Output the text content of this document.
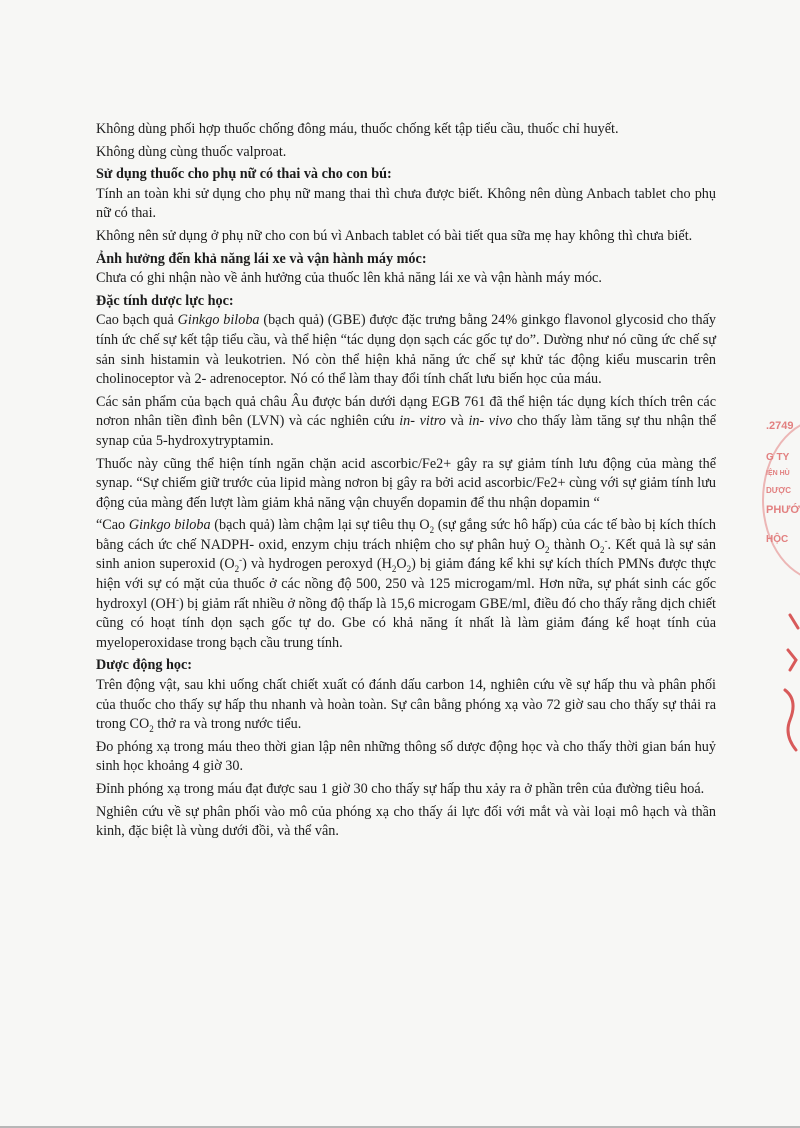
Không dùng phối hợp thuốc chống đông máu, thuốc chống kết tập tiểu cầu, thuốc chỉ huyết.

Không dùng cùng thuốc valproat.

Sử dụng thuốc cho phụ nữ có thai và cho con bú:

Tính an toàn khi sử dụng cho phụ nữ mang thai thì chưa được biết. Không nên dùng Anbach tablet cho phụ nữ có thai.

Không nên sử dụng ở phụ nữ cho con bú vì Anbach tablet có bài tiết qua sữa mẹ hay không thì chưa biết.

Ảnh hưởng đến khả năng lái xe và vận hành máy móc:

Chưa có ghi nhận nào về ảnh hưởng của thuốc lên khả năng lái xe và vận hành máy móc.

Đặc tính dược lực học:

Cao bạch quả Ginkgo biloba (bạch quả) (GBE) được đặc trưng bằng 24% ginkgo flavonol glycosid cho thấy tính ức chế sự kết tập tiểu cầu, và thể hiện “tác dụng dọn sạch các gốc tự do”. Dường như nó cũng ức chế sự sản sinh histamin và leukotrien. Nó còn thể hiện khả năng ức chế sự khử tác động kiểu muscarin trên cholinoceptor và 2- adrenoceptor. Nó có thể làm thay đổi tính chất lưu biến học của máu.

Các sản phẩm của bạch quả châu Âu được bán dưới dạng EGB 761 đã thể hiện tác dụng kích thích trên các nơron nhân tiền đình bên (LVN) và các nghiên cứu in- vitro và in- vivo cho thấy làm tăng sự thu nhận thể synap của 5-hydroxytryptamin.

Thuốc này cũng thể hiện tính ngăn chặn acid ascorbic/Fe2+ gây ra sự giảm tính lưu động của màng thể synap. “Sự chiếm giữ trước của lipid màng nơron bị gây ra bởi acid ascorbic/Fe2+ cùng với sự giảm tính lưu động của màng đến lượt làm giảm khả năng vận chuyển dopamin để thu nhận dopamin “

“Cao Ginkgo biloba (bạch quả) làm chậm lại sự tiêu thụ $O_2$ (sự gắng sức hô hấp) của các tế bào bị kích thích bằng cách ức chế NADPH- oxid, enzym chịu trách nhiệm cho sự phân huỷ $O_2$ thành $O_2^-$. Kết quả là sự sản sinh anion superoxid $(O_2^-)$ và hydrogen peroxyd $(H_2O_2)$ bị giảm đáng kể khi sự kích thích PMNs được thực hiện với sự có mặt của thuốc ở các nồng độ 500, 250 và 125 microgam/ml. Hơn nữa, sự phát sinh các gốc hydroxyl (OH-) bị giảm rất nhiều ở nồng độ thấp là 15,6 microgam GBE/ml, điều đó cho thấy rằng dịch chiết cũng có hoạt tính dọn sạch gốc tự do. Gbe có khả năng ít nhất là làm giảm đáng kể hoạt tính của myeloperoxidase trong bạch cầu trung tính.

Dược động học:

Trên động vật, sau khi uống chất chiết xuất có đánh dấu carbon 14, nghiên cứu về sự hấp thu và phân phối của thuốc cho thấy sự hấp thu nhanh và hoàn toàn. Sự cân bằng phóng xạ vào 72 giờ sau cho thấy sự thải ra trong $CO_2$ thở ra và trong nước tiểu.

Đo phóng xạ trong máu theo thời gian lập nên những thông số dược động học và cho thấy thời gian bán huỷ sinh học khoảng 4 giờ 30.

Đỉnh phóng xạ trong máu đạt được sau 1 giờ 30 cho thấy sự hấp thu xảy ra ở phần trên của đường tiêu hoá.

Nghiên cứu về sự phân phối vào mô của phóng xạ cho thấy ái lực đối với mắt và vài loại mô hạch và thần kinh, đặc biệt là vùng dưới đồi, và thể vân.

.2749
G TY
IỆN HÙ
DƯỢC
PHƯỚ
HỘC
